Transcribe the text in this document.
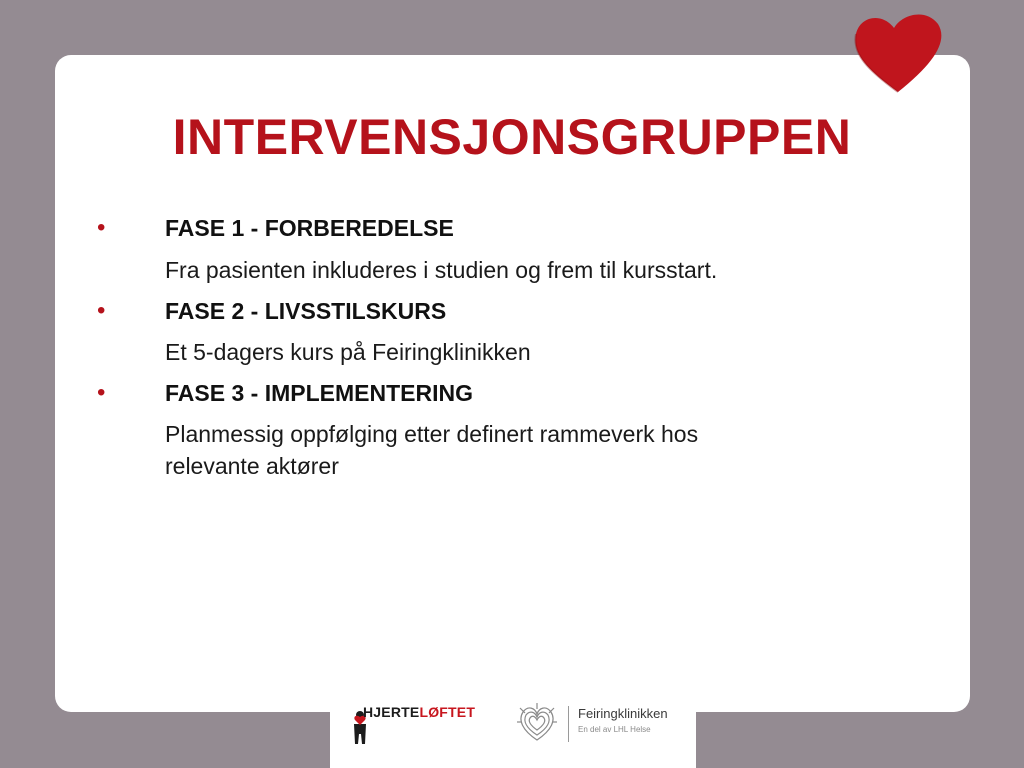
INTERVENSJONSGRUPPEN
•	FASE 1 - FORBEREDELSE
Fra pasienten inkluderes i studien og frem til kursstart.
•	FASE 2 - LIVSSTILSKURS
Et 5-dagers kurs på Feiringklinikken
•	FASE 3 - IMPLEMENTERING
Planmessig oppfølging etter definert rammeverk hos
relevante aktører
HJERTELØFTET	Feiringklinikken
En del av LHL Helse
